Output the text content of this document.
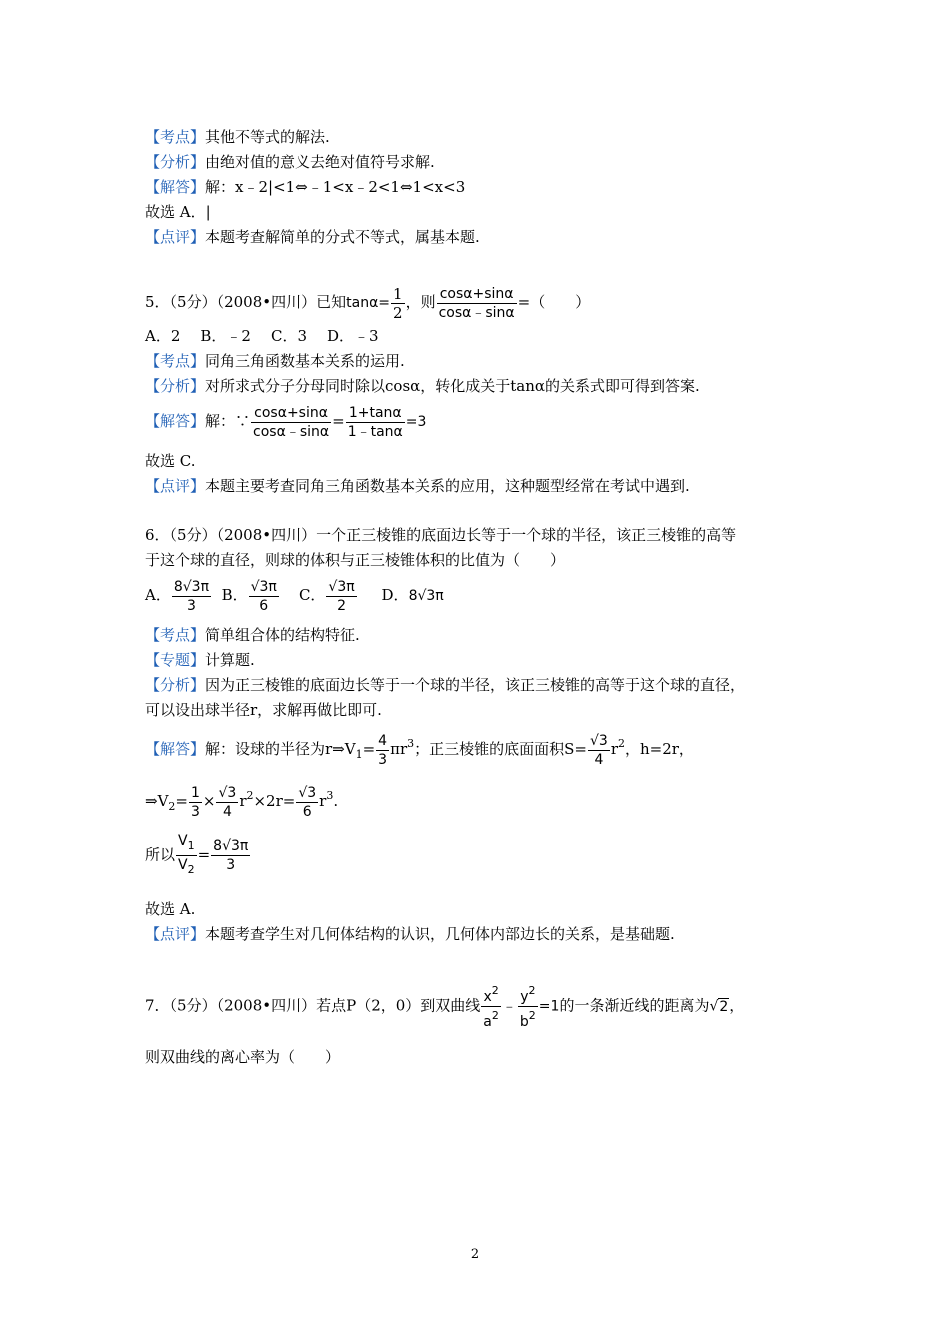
【考点】其他不等式的解法.
【分析】由绝对值的意义去绝对值符号求解.
【解答】解：x﹣2|<1⇔﹣1<x﹣2<1⇔1<x<3
故选 A．|
【点评】本题考查解简单的分式不等式，属基本题.
5．（5分）（2008•四川）已知$\tan\alpha= \frac{1}{2}$ ，则 $\frac{\cos\alpha+\sin\alpha}{\cos\alpha﹣\sin\alpha}$ =（　　）
A．2 B．﹣2 C．3 D．﹣3
【考点】同角三角函数基本关系的运用.
【分析】对所求式分子分母同时除以cosα，转化成关于tanα的关系式即可得到答案.
【解答】解：∵ $\frac{\cos\alpha+\sin\alpha}{\cos\alpha﹣\sin\alpha} = \frac{1+\tan\alpha}{1﹣\tan\alpha} =3$
故选 C.
【点评】本题主要考查同角三角函数基本关系的应用，这种题型经常在考试中遇到.
6．（5分）（2008•四川）一个正三棱锥的底面边长等于一个球的半径，该正三棱锥的高等
于这个球的直径，则球的体积与正三棱锥体积的比值为（　　）
A． $\frac{8√3\pi}{3}$ B． $\frac{√3\pi}{6}$ C． $\frac{√3\pi}{2}$ D．8√3π
【考点】简单组合体的结构特征.
【专题】计算题.
【分析】因为正三棱锥的底面边长等于一个球的半径，该正三棱锥的高等于这个球的直径，
可以设出球半径r，求解再做比即可.
【解答】解：设球的半径为$r\Rightarrow V_1= \frac{4}{3} \pi r^3$；正三棱锥的底面面积$S= \frac{√3}{4} r^2$，h=2r，
$\Rightarrow V_2= \frac{1}{3} \times \frac{√3}{4} r^2\times 2r= \frac{√3}{6} r^3$.
所以 $\frac{V_1}{V_2} = \frac{8√3\pi}{3}$
故选 A.
【点评】本题考查学生对几何体结构的认识，几何体内部边长的关系，是基础题.
7．（5分）（2008•四川）若点P（2，0）到双曲线 $\frac{x^2}{a^2}$ ﹣ $\frac{y^2}{b^2} =1$的一条渐近线的距离为√2，
则双曲线的离心率为（　　）
2
